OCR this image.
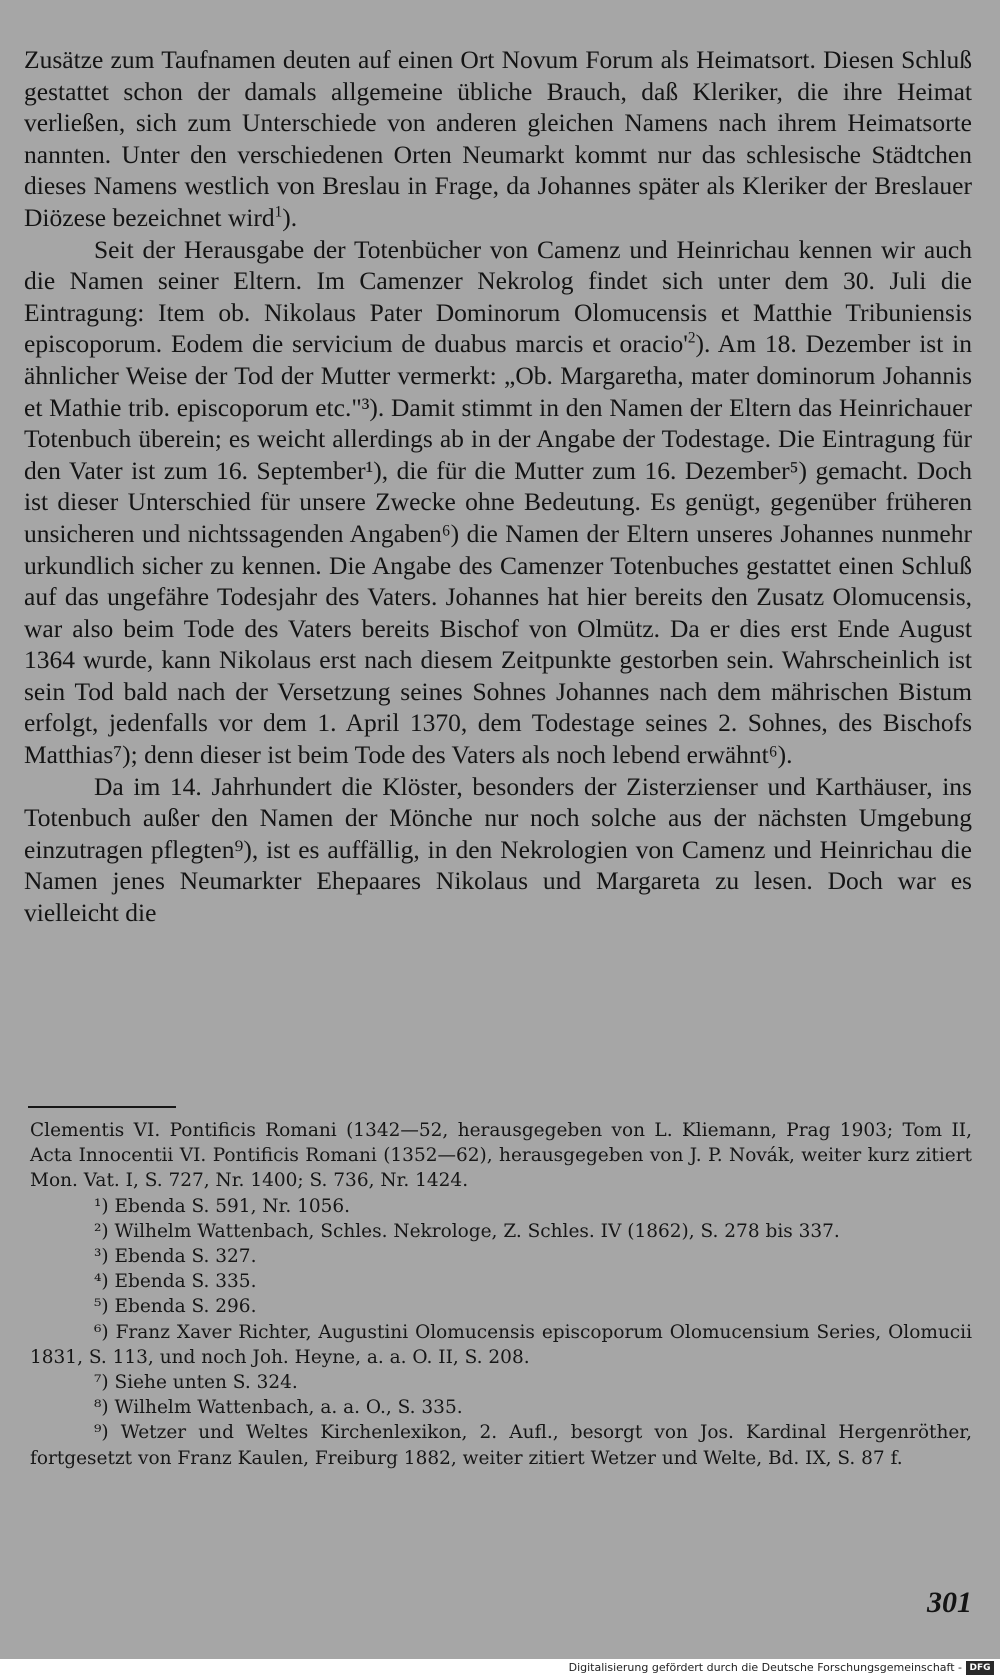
Zusätze zum Taufnamen deuten auf einen Ort Novum Forum als Heimatsort. Diesen Schluß gestattet schon der damals allgemeine übliche Brauch, daß Kleriker, die ihre Heimat verließen, sich zum Unterschiede von anderen gleichen Namens nach ihrem Heimatsorte nannten. Unter den verschiedenen Orten Neumarkt kommt nur das schlesische Städtchen dieses Namens westlich von Breslau in Frage, da Johannes später als Kleriker der Breslauer Diözese bezeichnet wird$^1$).

Seit der Herausgabe der Totenbücher von Camenz und Heinrichau kennen wir auch die Namen seiner Eltern. Im Camenzer Nekrolog findet sich unter dem 30. Juli die Eintragung: Item ob. Nikolaus Pater Dominorum Olomucensis et Matthie Tribuniensis episcoporum. Eodem die servicium de duabus marcis et $oracio'^2$). Am 18. Dezember ist in ähnlicher Weise der Tod der Mutter vermerkt: „Ob. Margaretha, mater dominorum Johannis et Mathie trib. episcoporum etc."³). Damit stimmt in den Namen der Eltern das Heinrichauer Totenbuch überein; es weicht allerdings ab in der Angabe der Todestage. Die Eintragung für den Vater ist zum 16. September¹), die für die Mutter zum 16. Dezember⁵) gemacht. Doch ist dieser Unterschied für unsere Zwecke ohne Bedeutung. Es genügt, gegenüber früheren unsicheren und nichtssagenden Angaben⁶) die Namen der Eltern unseres Johannes nunmehr urkundlich sicher zu kennen. Die Angabe des Camenzer Totenbuches gestattet einen Schluß auf das ungefähre Todesjahr des Vaters. Johannes hat hier bereits den Zusatz Olomucensis, war also beim Tode des Vaters bereits Bischof von Olmütz. Da er dies erst Ende August 1364 wurde, kann Nikolaus erst nach diesem Zeitpunkte gestorben sein. Wahrscheinlich ist sein Tod bald nach der Versetzung seines Sohnes Johannes nach dem mährischen Bistum erfolgt, jedenfalls vor dem 1. April 1370, dem Todestage seines 2. Sohnes, des Bischofs Matthias⁷); denn dieser ist beim Tode des Vaters als noch lebend erwähnt⁶).

Da im 14. Jahrhundert die Klöster, besonders der Zisterzienser und Karthäuser, ins Totenbuch außer den Namen der Mönche nur noch solche aus der nächsten Umgebung einzutragen pflegten⁹), ist es auffällig, in den Nekrologien von Camenz und Heinrichau die Namen jenes Neumarkter Ehepaares Nikolaus und Margareta zu lesen. Doch war es vielleicht die

Clementis VI. Pontificis Romani (1342—52, herausgegeben von L. Kliemann, Prag 1903; Tom II, Acta Innocentii VI. Pontificis Romani (1352—62), herausgegeben von J. P. Novák, weiter kurz zitiert Mon. Vat. I, S. 727, Nr. 1400; S. 736, Nr. 1424.

¹) Ebenda S. 591, Nr. 1056.

²) Wilhelm Wattenbach, Schles. Nekrologe, Z. Schles. IV (1862), S. 278 bis 337.

³) Ebenda S. 327.

⁴) Ebenda S. 335.

⁵) Ebenda S. 296.

⁶) Franz Xaver Richter, Augustini Olomucensis episcoporum Olomucensium Series, Olomucii 1831, S. 113, und noch Joh. Heyne, a. a. O. II, S. 208.

⁷) Siehe unten S. 324.

⁸) Wilhelm Wattenbach, a. a. O., S. 335.

⁹) Wetzer und Weltes Kirchenlexikon, 2. Aufl., besorgt von Jos. Kardinal Hergenröther, fortgesetzt von Franz Kaulen, Freiburg 1882, weiter zitiert Wetzer und Welte, Bd. IX, S. 87 f.

301
Digitalisierung gefördert durch die Deutsche Forschungsgemeinschaft - DFG
